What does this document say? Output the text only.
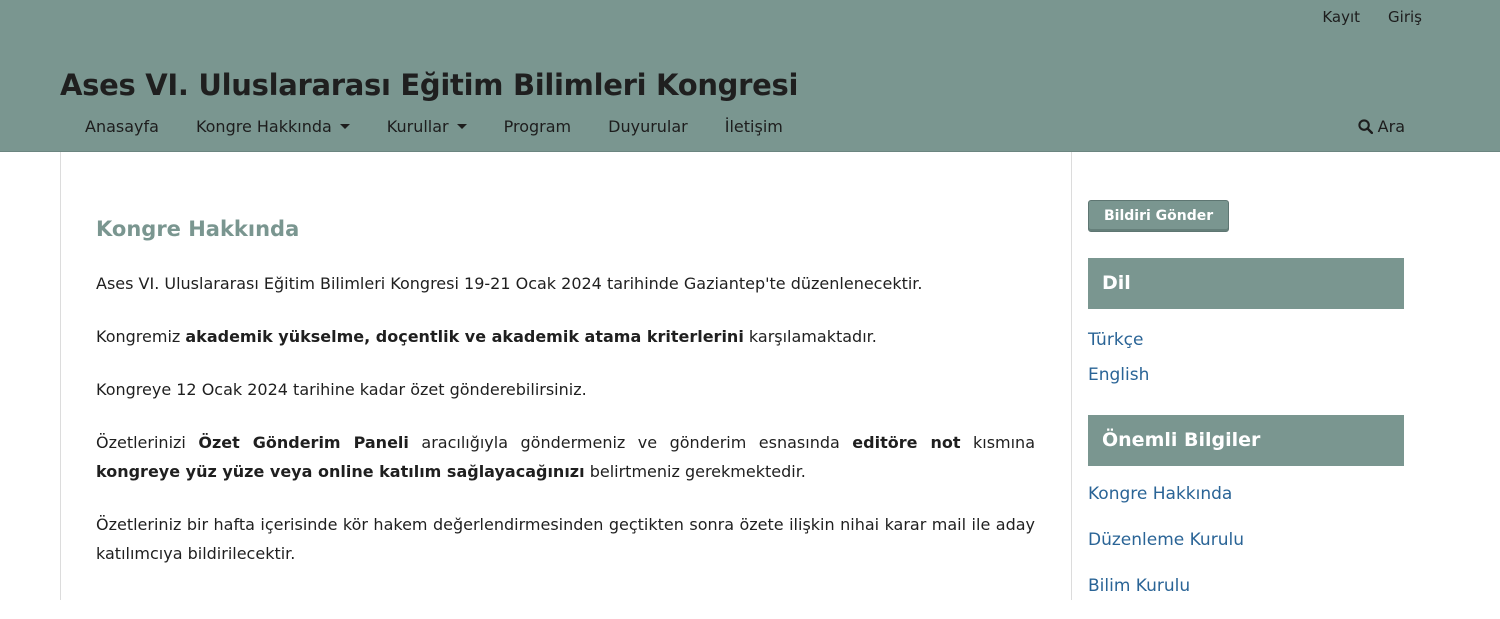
Kayıt Giriş
Ases VI. Uluslararası Eğitim Bilimleri Kongresi
Anasayfa Kongre Hakkında	Kurullar	Program Duyurular İletişim	Ara
Kongre Hakkında

Ases VI. Uluslararası Eğitim Bilimleri Kongresi 19-21 Ocak 2024 tarihinde Gaziantep'te düzenlenecektir.

Kongremiz akademik yükselme, doçentlik ve akademik atama kriterlerini karşılamaktadır.

Kongreye 12 Ocak 2024 tarihine kadar özet gönderebilirsiniz.

Özetlerinizi Özet Gönderim Paneli aracılığıyla göndermeniz ve gönderim esnasında editöre not kısmına kongreye yüz yüze veya online katılım sağlayacağınızı belirtmeniz gerekmektedir.

Özetleriniz bir hafta içerisinde kör hakem değerlendirmesinden geçtikten sonra özete ilişkin nihai karar mail ile aday katılımcıya bildirilecektir.

Bildiri Gönder
Dil
Türkçe
English
Önemli Bilgiler
Kongre Hakkında
Düzenleme Kurulu
Bilim Kurulu
